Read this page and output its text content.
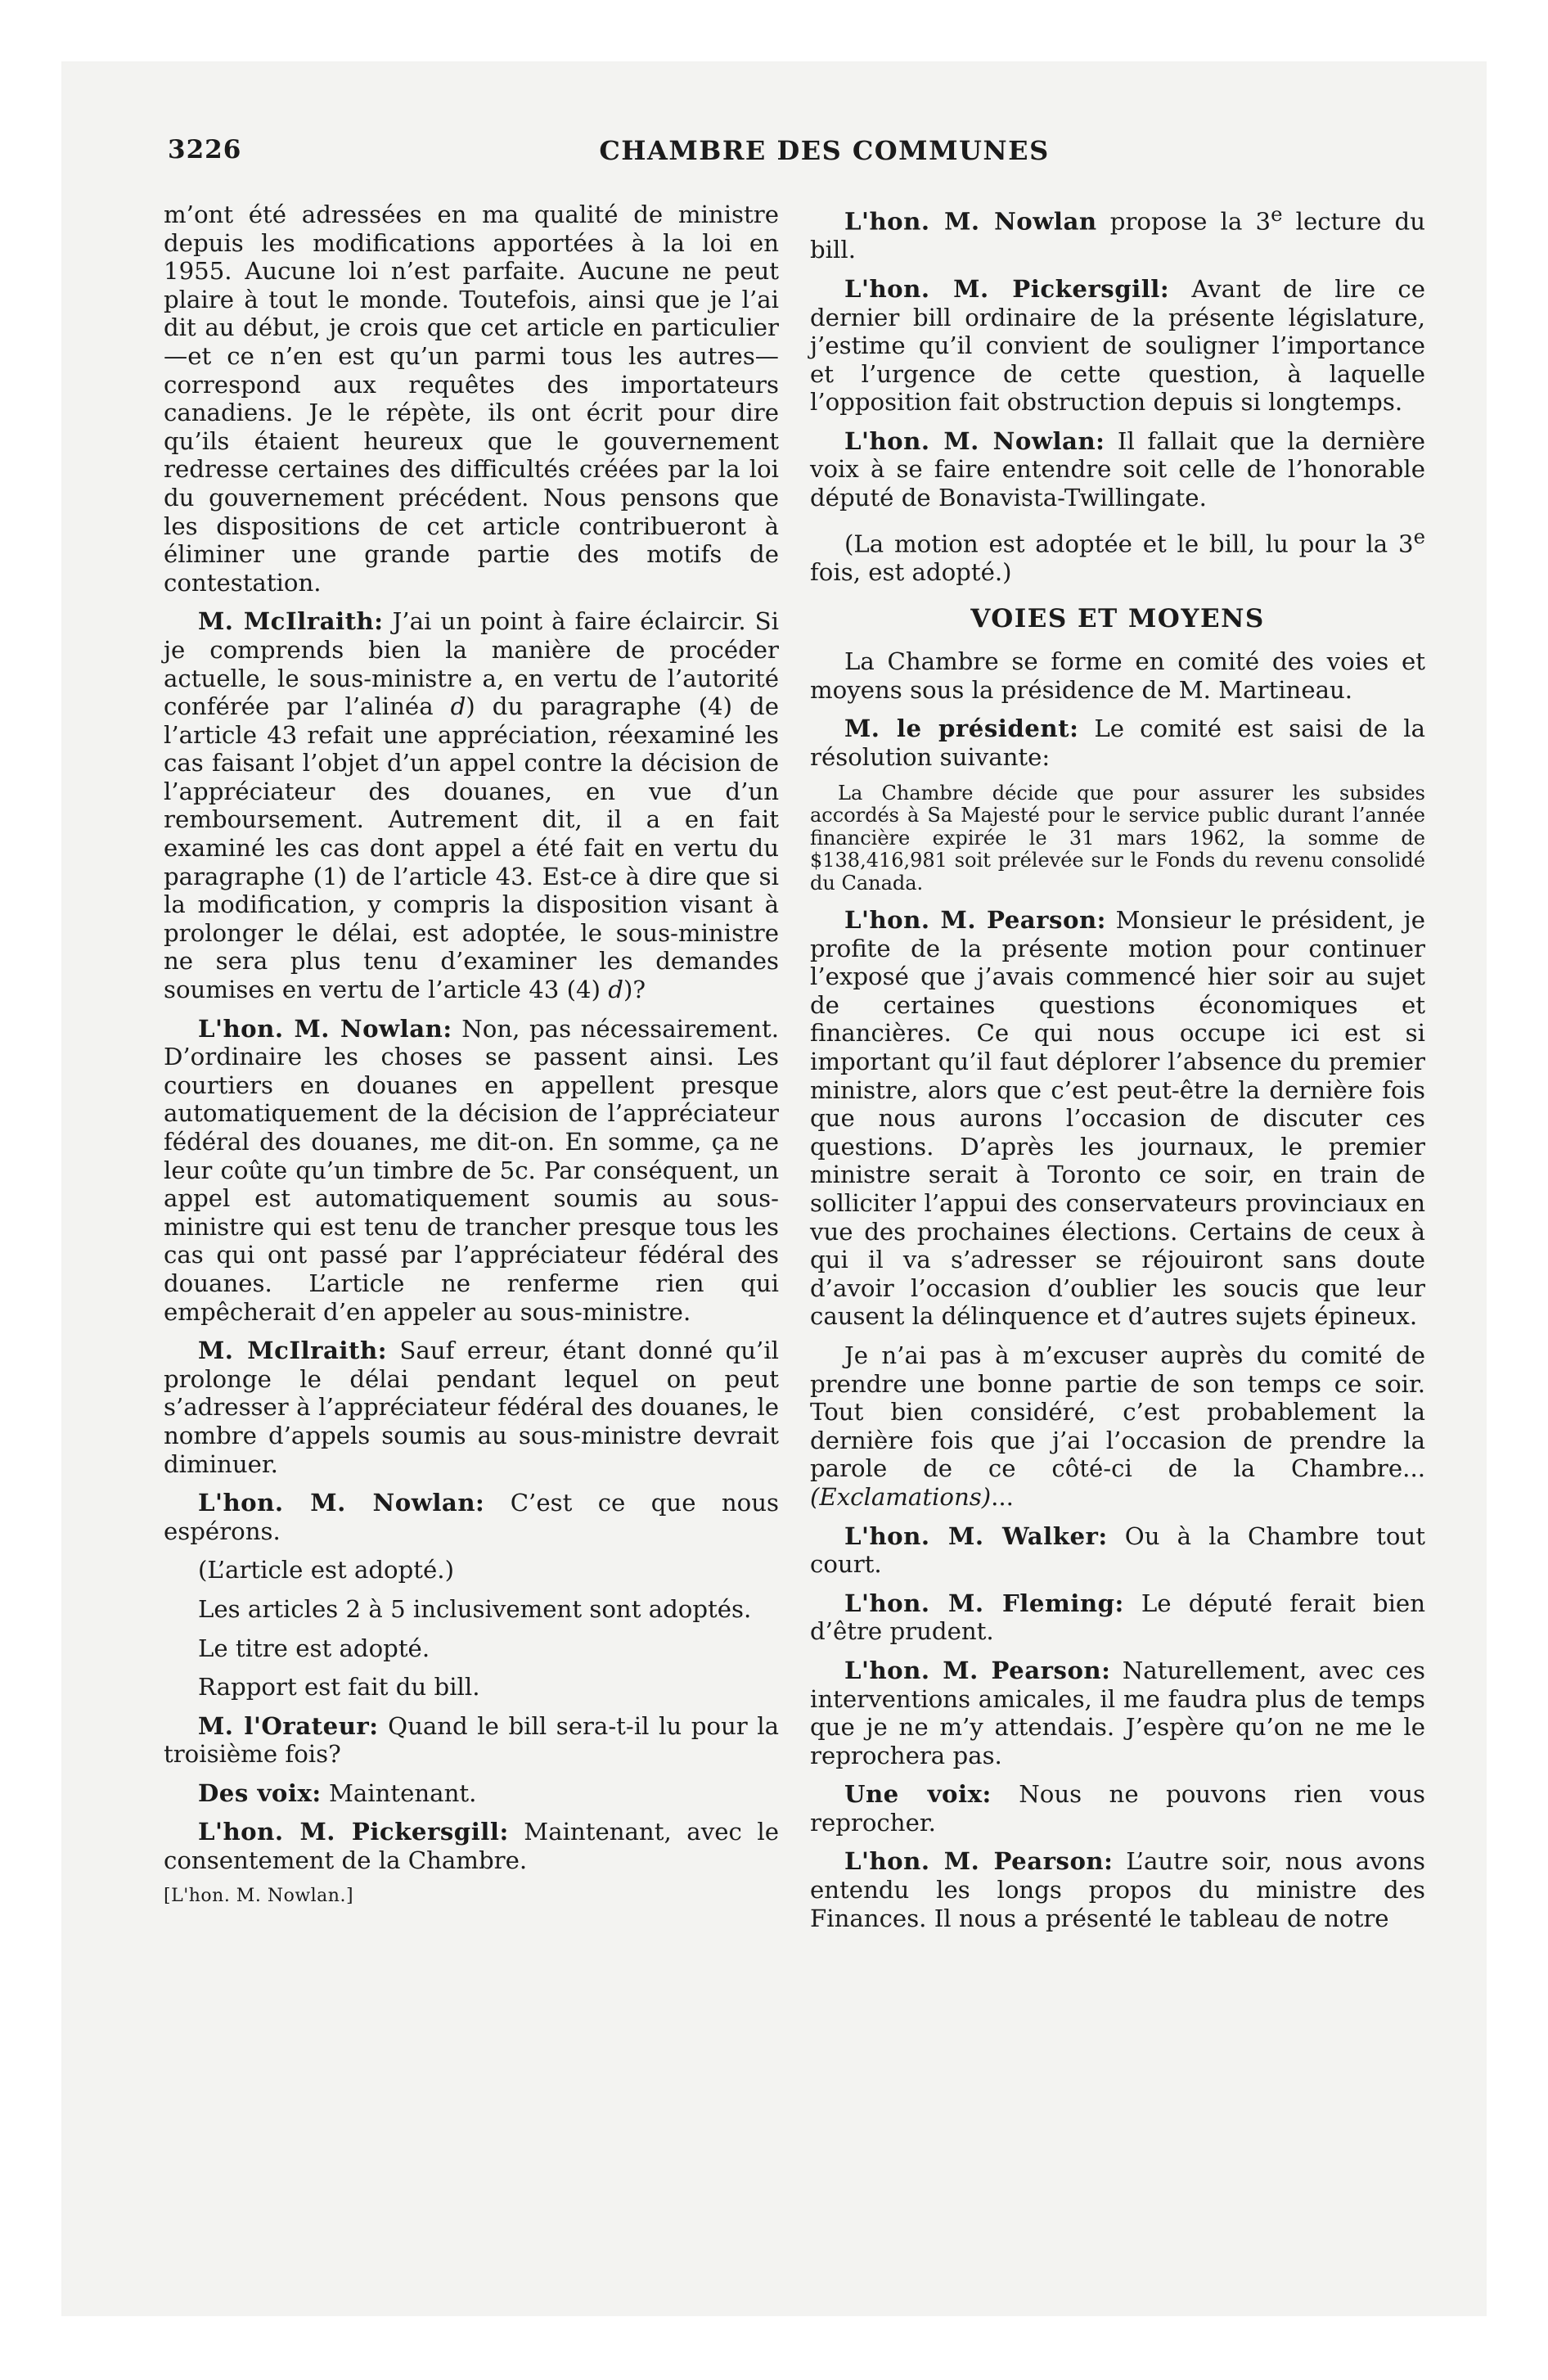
3226	CHAMBRE DES COMMUNES

m’ont été adressées en ma qualité de ministre depuis les modifications apportées à la loi en 1955. Aucune loi n’est parfaite. Aucune ne peut plaire à tout le monde. Toutefois, ainsi que je l’ai dit au début, je crois que cet article en particulier—et ce n’en est qu’un parmi tous les autres—correspond aux requêtes des importateurs canadiens. Je le répète, ils ont écrit pour dire qu’ils étaient heureux que le gouvernement redresse certaines des difficultés créées par la loi du gouvernement précédent. Nous pensons que les dispositions de cet article contribueront à éliminer une grande partie des motifs de contestation.

M. McIlraith: J’ai un point à faire éclaircir. Si je comprends bien la manière de procéder actuelle, le sous-ministre a, en vertu de l’autorité conférée par l’alinéa d) du paragraphe (4) de l’article 43 refait une appréciation, réexaminé les cas faisant l’objet d’un appel contre la décision de l’appréciateur des douanes, en vue d’un remboursement. Autrement dit, il a en fait examiné les cas dont appel a été fait en vertu du paragraphe (1) de l’article 43. Est-ce à dire que si la modification, y compris la disposition visant à prolonger le délai, est adoptée, le sous-ministre ne sera plus tenu d’examiner les demandes soumises en vertu de l’article 43 (4) d)?

L'hon. M. Nowlan: Non, pas nécessairement. D’ordinaire les choses se passent ainsi. Les courtiers en douanes en appellent presque automatiquement de la décision de l’appréciateur fédéral des douanes, me dit-on. En somme, ça ne leur coûte qu’un timbre de 5c. Par conséquent, un appel est automatiquement soumis au sous-ministre qui est tenu de trancher presque tous les cas qui ont passé par l’appréciateur fédéral des douanes. L’article ne renferme rien qui empêcherait d’en appeler au sous-ministre.

M. McIlraith: Sauf erreur, étant donné qu’il prolonge le délai pendant lequel on peut s’adresser à l’appréciateur fédéral des douanes, le nombre d’appels soumis au sous-ministre devrait diminuer.

L'hon. M. Nowlan: C’est ce que nous espérons.

(L’article est adopté.)

Les articles 2 à 5 inclusivement sont adoptés.

Le titre est adopté.

Rapport est fait du bill.

M. l'Orateur: Quand le bill sera-t-il lu pour la troisième fois?

Des voix: Maintenant.

L'hon. M. Pickersgill: Maintenant, avec le consentement de la Chambre.

[L'hon. M. Nowlan.]

L'hon. M. Nowlan propose la 3e lecture du bill.

L'hon. M. Pickersgill: Avant de lire ce dernier bill ordinaire de la présente législature, j’estime qu’il convient de souligner l’importance et l’urgence de cette question, à laquelle l’opposition fait obstruction depuis si longtemps.

L'hon. M. Nowlan: Il fallait que la dernière voix à se faire entendre soit celle de l’honorable député de Bonavista-Twillingate.

(La motion est adoptée et le bill, lu pour la 3e fois, est adopté.)

VOIES ET MOYENS

La Chambre se forme en comité des voies et moyens sous la présidence de M. Martineau.

M. le président: Le comité est saisi de la résolution suivante:

La Chambre décide que pour assurer les subsides accordés à Sa Majesté pour le service public durant l’année financière expirée le 31 mars 1962, la somme de $138,416,981 soit prélevée sur le Fonds du revenu consolidé du Canada.

L'hon. M. Pearson: Monsieur le président, je profite de la présente motion pour continuer l’exposé que j’avais commencé hier soir au sujet de certaines questions économiques et financières. Ce qui nous occupe ici est si important qu’il faut déplorer l’absence du premier ministre, alors que c’est peut-être la dernière fois que nous aurons l’occasion de discuter ces questions. D’après les journaux, le premier ministre serait à Toronto ce soir, en train de solliciter l’appui des conservateurs provinciaux en vue des prochaines élections. Certains de ceux à qui il va s’adresser se réjouiront sans doute d’avoir l’occasion d’oublier les soucis que leur causent la délinquence et d’autres sujets épineux.

Je n’ai pas à m’excuser auprès du comité de prendre une bonne partie de son temps ce soir. Tout bien considéré, c’est probablement la dernière fois que j’ai l’occasion de prendre la parole de ce côté-ci de la Chambre... (Exclamations)...

L'hon. M. Walker: Ou à la Chambre tout court.

L'hon. M. Fleming: Le député ferait bien d’être prudent.

L'hon. M. Pearson: Naturellement, avec ces interventions amicales, il me faudra plus de temps que je ne m’y attendais. J’espère qu’on ne me le reprochera pas.

Une voix: Nous ne pouvons rien vous reprocher.

L'hon. M. Pearson: L’autre soir, nous avons entendu les longs propos du ministre des Finances. Il nous a présenté le tableau de notre
